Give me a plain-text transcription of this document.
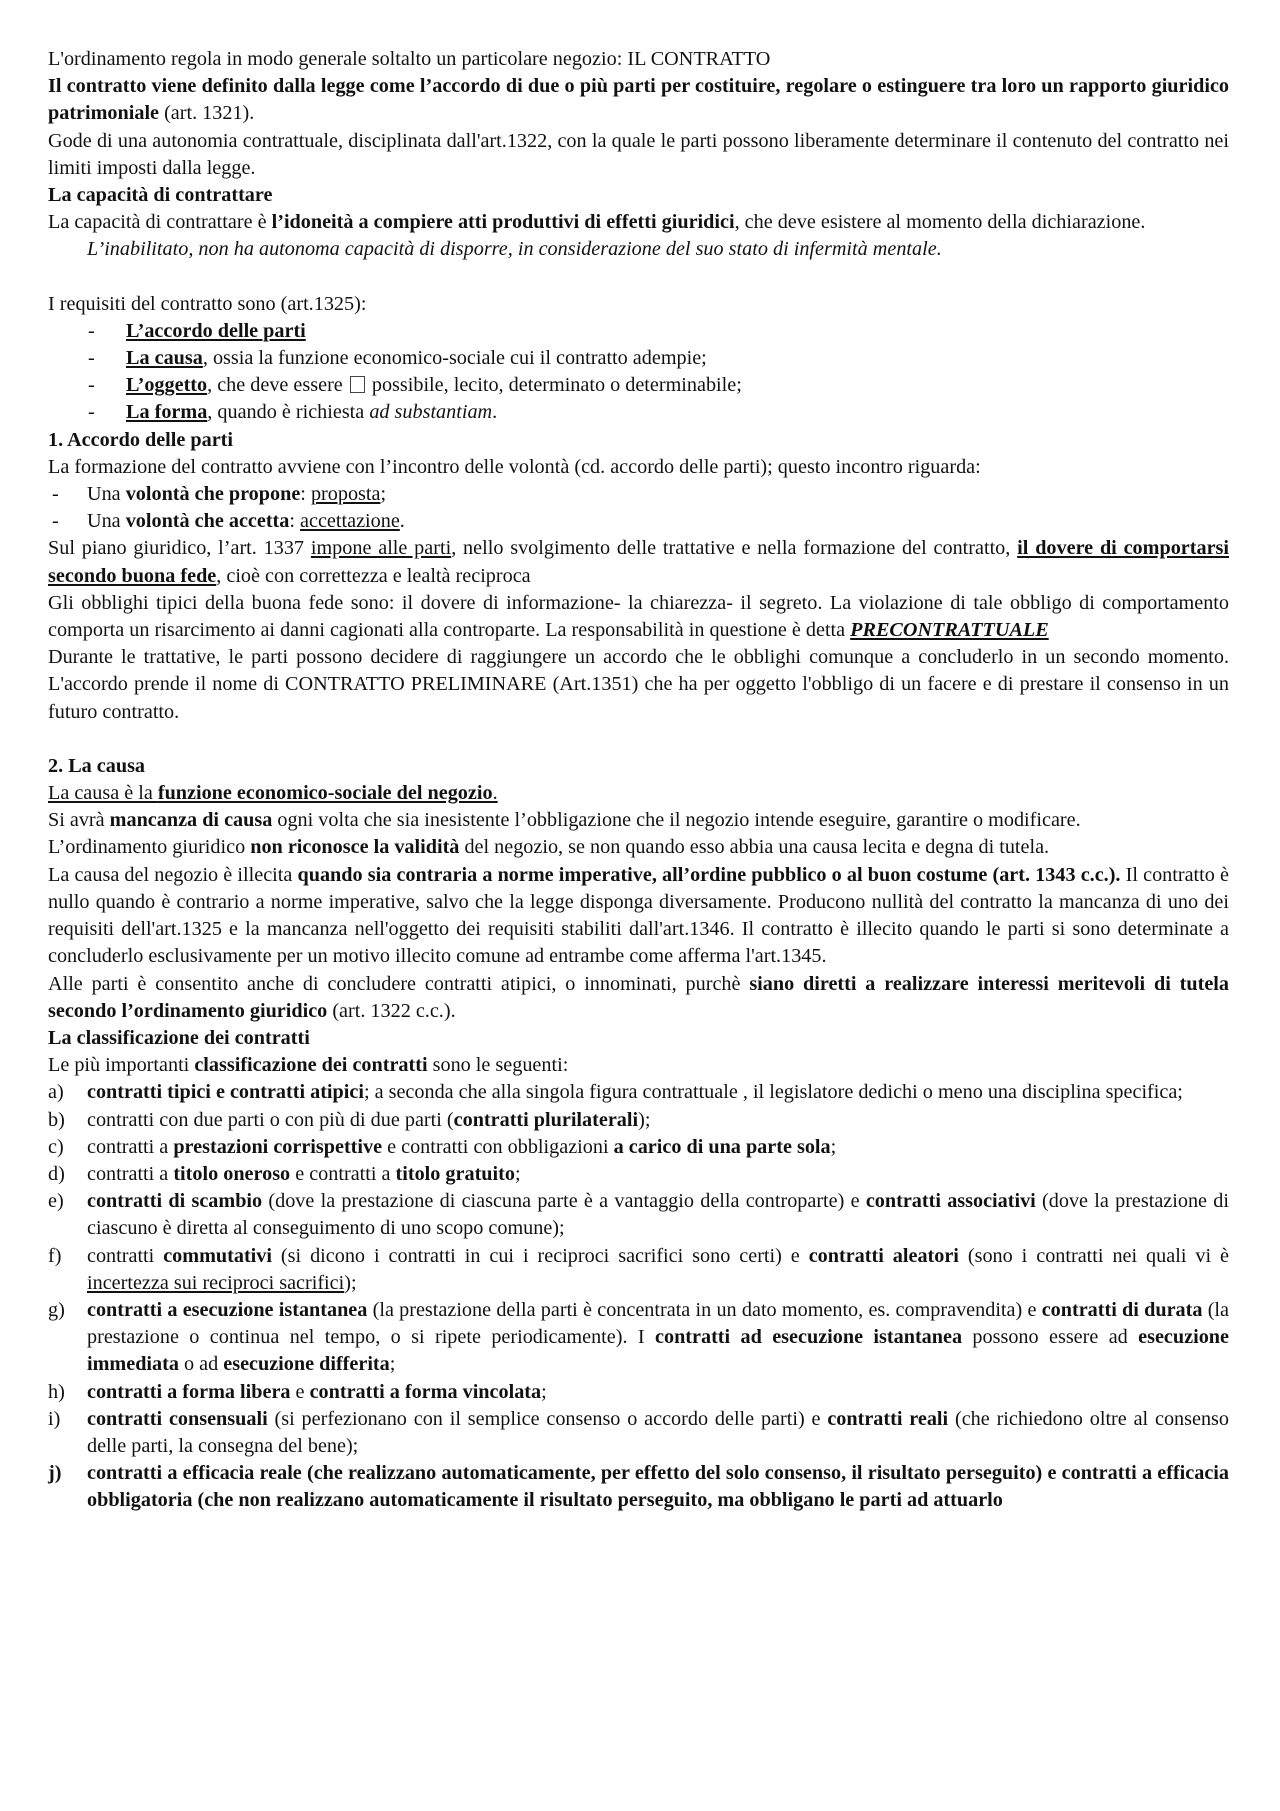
L'ordinamento regola in modo generale soltalto un particolare negozio: IL CONTRATTO

Il contratto viene definito dalla legge come l’accordo di due o più parti per costituire, regolare o estinguere tra loro un rapporto giuridico patrimoniale (art. 1321).

Gode di una autonomia contrattuale, disciplinata dall'art.1322, con la quale le parti possono liberamente determinare il contenuto del contratto nei limiti imposti dalla legge.

La capacità di contrattare

La capacità di contrattare è l’idoneità a compiere atti produttivi di effetti giuridici, che deve esistere al momento della dichiarazione.

L’inabilitato, non ha autonoma capacità di disporre, in considerazione del suo stato di infermità mentale.

I requisiti del contratto sono (art.1325):

- L’accordo delle parti

- La causa, ossia la funzione economico-sociale cui il contratto adempie;

- L’oggetto, che deve essere  possibile, lecito, determinato o determinabile;

- La forma, quando è richiesta ad substantiam.

1. Accordo delle parti

La formazione del contratto avviene con l’incontro delle volontà (cd. accordo delle parti); questo incontro riguarda:

- Una volontà che propone: proposta;

- Una volontà che accetta: accettazione.

Sul piano giuridico, l’art. 1337 impone alle parti, nello svolgimento delle trattative e nella formazione del contratto, il dovere di comportarsi secondo buona fede, cioè con correttezza e lealtà reciproca

Gli obblighi tipici della buona fede sono: il dovere di informazione- la chiarezza- il segreto. La violazione di tale obbligo di comportamento comporta un risarcimento ai danni cagionati alla controparte. La responsabilità in questione è detta PRECONTRATTUALE

Durante le trattative, le parti possono decidere di raggiungere un accordo che le obblighi comunque a concluderlo in un secondo momento. L'accordo prende il nome di CONTRATTO PRELIMINARE (Art.1351) che ha per oggetto l'obbligo di un facere e di prestare il consenso in un futuro contratto.

2. La causa

La causa è la funzione economico-sociale del negozio.

Si avrà mancanza di causa ogni volta che sia inesistente l’obbligazione che il negozio intende eseguire, garantire o modificare.

L’ordinamento giuridico non riconosce la validità del negozio, se non quando esso abbia una causa lecita e degna di tutela.

La causa del negozio è illecita quando sia contraria a norme imperative, all’ordine pubblico o al buon costume (art. 1343 c.c.). Il contratto è nullo quando è contrario a norme imperative, salvo che la legge disponga diversamente. Producono nullità del contratto la mancanza di uno dei requisiti dell'art.1325 e la mancanza nell'oggetto dei requisiti stabiliti dall'art.1346. Il contratto è illecito quando le parti si sono determinate a concluderlo esclusivamente per un motivo illecito comune ad entrambe come afferma l'art.1345.

Alle parti è consentito anche di concludere contratti atipici, o innominati, purchè siano diretti a realizzare interessi meritevoli di tutela secondo l’ordinamento giuridico (art. 1322 c.c.).

La classificazione dei contratti

Le più importanti classificazione dei contratti sono le seguenti:

a) contratti tipici e contratti atipici; a seconda che alla singola figura contrattuale , il legislatore dedichi o meno una disciplina specifica;

b) contratti con due parti o con più di due parti (contratti plurilaterali);

c) contratti a prestazioni corrispettive e contratti con obbligazioni a carico di una parte sola;

d) contratti a titolo oneroso e contratti a titolo gratuito;

e) contratti di scambio (dove la prestazione di ciascuna parte è a vantaggio della controparte) e contratti associativi (dove la prestazione di ciascuno è diretta al conseguimento di uno scopo comune);

f) contratti commutativi (si dicono i contratti in cui i reciproci sacrifici sono certi) e contratti aleatori (sono i contratti nei quali vi è incertezza sui reciproci sacrifici);

g) contratti a esecuzione istantanea (la prestazione della parti è concentrata in un dato momento, es. compravendita) e contratti di durata (la prestazione o continua nel tempo, o si ripete periodicamente). I contratti ad esecuzione istantanea possono essere ad esecuzione immediata o ad esecuzione differita;

h) contratti a forma libera e contratti a forma vincolata;

i) contratti consensuali (si perfezionano con il semplice consenso o accordo delle parti) e contratti reali (che richiedono oltre al consenso delle parti, la consegna del bene);

j) contratti a efficacia reale (che realizzano automaticamente, per effetto del solo consenso, il risultato perseguito) e contratti a efficacia obbligatoria (che non realizzano automaticamente il risultato perseguito, ma obbligano le parti ad attuarlo
